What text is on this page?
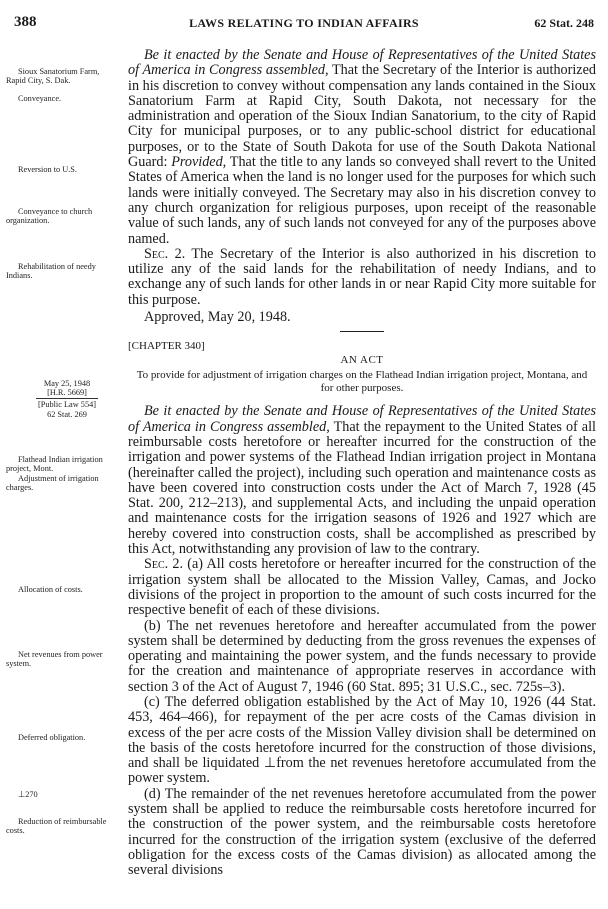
388	LAWS RELATING TO INDIAN AFFAIRS	62 Stat. 248
Sioux Sanatorium Farm, Rapid City, S. Dak.
Conveyance.
Reversion to U.S.
Conveyance to church organization.
Rehabilitation of needy Indians.
May 25, 1948
[H.R. 5669]
[Public Law 554]
62 Stat. 269
Flathead Indian irrigation project, Mont.
Adjustment of irrigation charges.
Allocation of costs.
Net revenues from power system.
Deferred obligation.
⊥270
Reduction of reimbursable costs.

Be it enacted by the Senate and House of Representatives of the United States of America in Congress assembled, That the Secretary of the Interior is authorized in his discretion to convey without compensation any lands contained in the Sioux Sanatorium Farm at Rapid City, South Dakota, not necessary for the administration and operation of the Sioux Indian Sanatorium, to the city of Rapid City for municipal purposes, or to any public-school district for educational purposes, or to the State of South Dakota for use of the South Dakota National Guard: Provided, That the title to any lands so conveyed shall revert to the United States of America when the land is no longer used for the purposes for which such lands were initially conveyed. The Secretary may also in his discretion convey to any church organization for religious purposes, upon receipt of the reasonable value of such lands, any of such lands not conveyed for any of the purposes above named.

Sec. 2. The Secretary of the Interior is also authorized in his discretion to utilize any of the said lands for the rehabilitation of needy Indians, and to exchange any of such lands for other lands in or near Rapid City more suitable for this purpose.

Approved, May 20, 1948.

[CHAPTER 340]

AN ACT

To provide for adjustment of irrigation charges on the Flathead Indian irrigation project, Montana, and for other purposes.

Be it enacted by the Senate and House of Representatives of the United States of America in Congress assembled, That the repayment to the United States of all reimbursable costs heretofore or hereafter incurred for the construction of the irrigation and power systems of the Flathead Indian irrigation project in Montana (hereinafter called the project), including such operation and maintenance costs as have been covered into construction costs under the Act of March 7, 1928 (45 Stat. 200, 212–213), and supplemental Acts, and including the unpaid operation and maintenance costs for the irrigation seasons of 1926 and 1927 which are hereby covered into construction costs, shall be accomplished as prescribed by this Act, notwithstanding any provision of law to the contrary.

Sec. 2. (a) All costs heretofore or hereafter incurred for the construction of the irrigation system shall be allocated to the Mission Valley, Camas, and Jocko divisions of the project in proportion to the amount of such costs incurred for the respective benefit of each of these divisions.

(b) The net revenues heretofore and hereafter accumulated from the power system shall be determined by deducting from the gross revenues the expenses of operating and maintaining the power system, and the funds necessary to provide for the creation and maintenance of appropriate reserves in accordance with section 3 of the Act of August 7, 1946 (60 Stat. 895; 31 U.S.C., sec. 725s–3).

(c) The deferred obligation established by the Act of May 10, 1926 (44 Stat. 453, 464–466), for repayment of the per acre costs of the Camas division in excess of the per acre costs of the Mission Valley division shall be determined on the basis of the costs heretofore incurred for the construction of those divisions, and shall be liquidated ⊥from the net revenues heretofore accumulated from the power system.

(d) The remainder of the net revenues heretofore accumulated from the power system shall be applied to reduce the reimbursable costs heretofore incurred for the construction of the power system, and the reimbursable costs heretofore incurred for the construction of the irrigation system (exclusive of the deferred obligation for the excess costs of the Camas division) as allocated among the several divisions
